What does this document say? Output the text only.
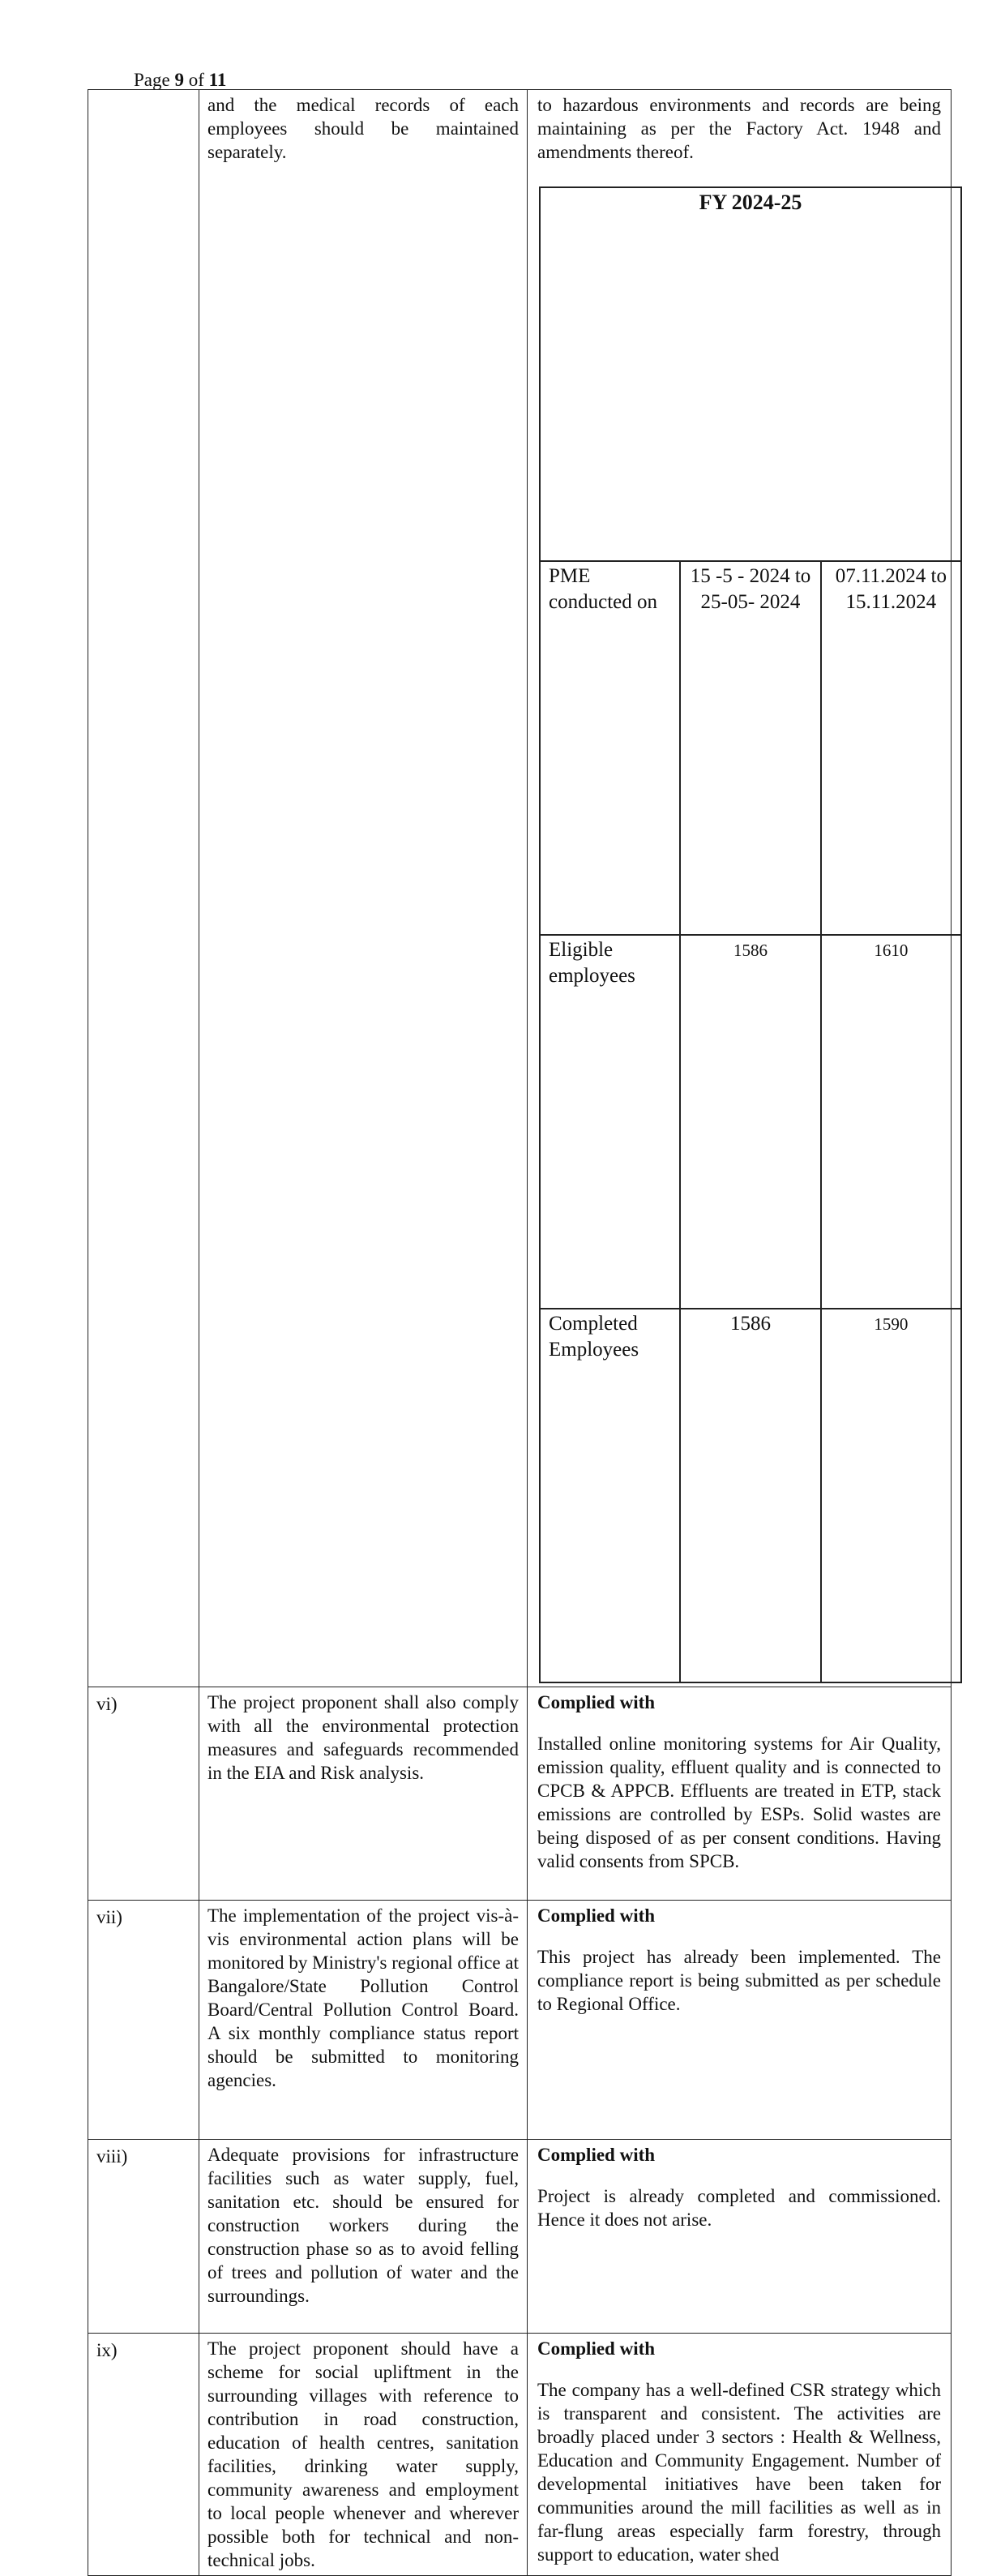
Page 9 of 11
	and the medical records of each employees should be maintained separately.	
to hazardous environments and records are being maintaining as per the Factory Act. 1948 and amendments thereof.
FY 2024-25
PME conducted on	15 -5 - 2024 to 25-05- 2024	07.11.2024 to 15.11.2024
Eligible employees	1586	1610
Completed Employees	1586	1590

vi)	The project proponent shall also comply with all the environmental protection measures and safeguards recommended in the EIA and Risk analysis.	
Complied with
Installed online monitoring systems for Air Quality, emission quality, effluent quality and is connected to CPCB & APPCB. Effluents are treated in ETP, stack emissions are controlled by ESPs. Solid wastes are being disposed of as per consent conditions. Having valid consents from SPCB.

vii)	The implementation of the project vis-à-vis environmental action plans will be monitored by Ministry's regional office at Bangalore/State Pollution Control Board/Central Pollution Control Board. A six monthly compliance status report should be submitted to monitoring agencies.	
Complied with
This project has already been implemented. The compliance report is being submitted as per schedule to Regional Office.

viii)	Adequate provisions for infrastructure facilities such as water supply, fuel, sanitation etc. should be ensured for construction workers during the construction phase so as to avoid felling of trees and pollution of water and the surroundings.	
Complied with
Project is already completed and commissioned. Hence it does not arise.

ix)	The project proponent should have a scheme for social upliftment in the surrounding villages with reference to contribution in road construction, education of health centres, sanitation facilities, drinking water supply, community awareness and employment to local people whenever and wherever possible both for technical and non-technical jobs.	
Complied with
The company has a well-defined CSR strategy which is transparent and consistent. The activities are broadly placed under 3 sectors : Health & Wellness, Education and Community Engagement. Number of developmental initiatives have been taken for communities around the mill facilities as well as in far-flung areas especially farm forestry, through support to education, water shed
